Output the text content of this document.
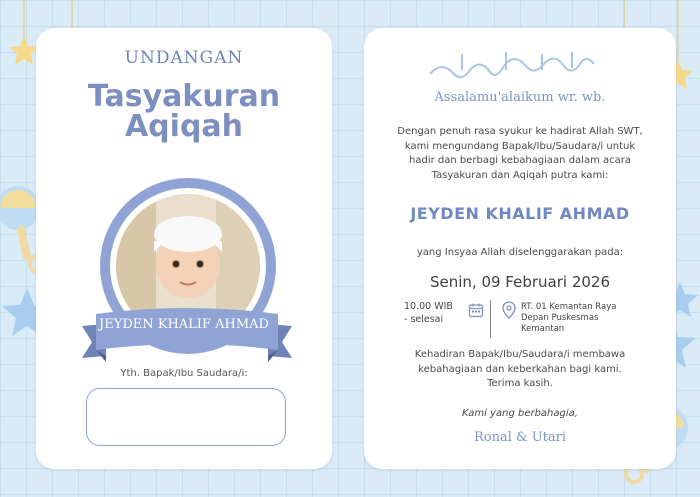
UNDANGAN
Tasyakuran
Aqiqah
JEYDEN KHALIF AHMAD
Yth. Bapak/Ibu Saudara/i:
Assalamu'alaikum wr. wb.
Dengan penuh rasa syukur ke hadirat Allah SWT,
kami mengundang Bapak/Ibu/Saudara/i untuk
hadir dan berbagi kebahagiaan dalam acara
Tasyakuran dan Aqiqah putra kami:
JEYDEN KHALIF AHMAD
yang Insyaa Allah diselenggarakan pada:
Senin, 09 Februari 2026
10.00 WIB
- selesai
RT. 01 Kemantan Raya
Depan Puskesmas
Kemantan
Kehadiran Bapak/Ibu/Saudara/i membawa
kebahagiaan dan keberkahan bagi kami.
Terima kasih.
Kami yang berbahagia,
Ronal & Utari
